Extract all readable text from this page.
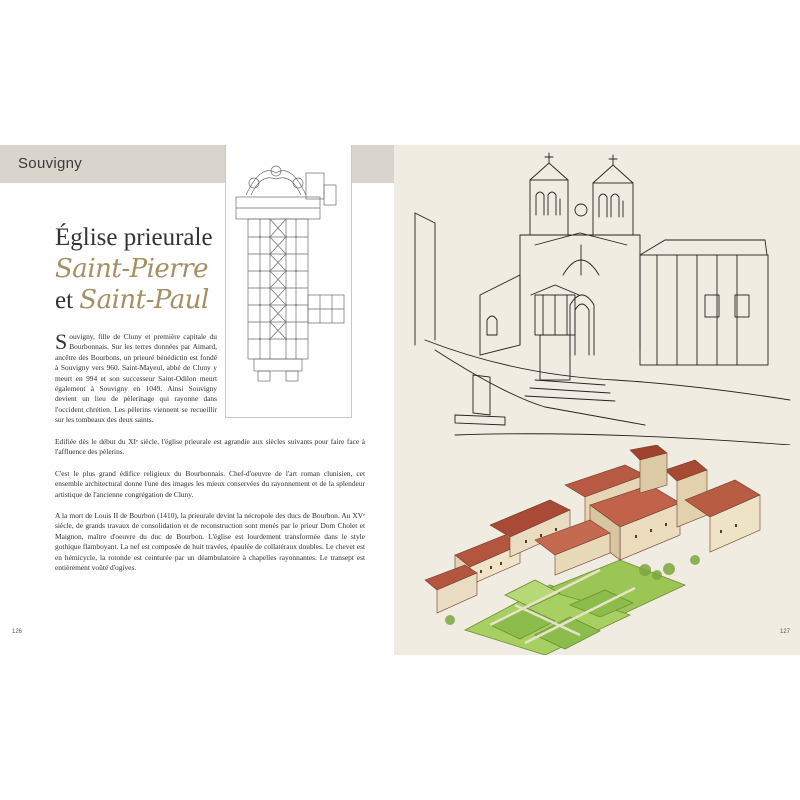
Souvigny
Église prieurale
Saint-Pierre
et Saint-Paul
Souvigny, fille de Cluny et première capitale du Bourbonnais. Sur les terres données par Aimard, ancêtre des Bourbons, un prieuré bénédictin est fondé à Souvigny vers 960. Saint-Mayeul, abbé de Cluny y meurt en 994 et son successeur Saint-Odilon meurt également à Souvigny en 1049. Ainsi Souvigny devient un lieu de pèlerinage qui rayonne dans l'occident chrétien. Les pèlerins viennent se recueillir sur les tombeaux des deux saints.
Edifiée dès le début du XIᵉ siècle, l'église prieurale est agrandie aux siècles suivants pour faire face à l'affluence des pèlerins.
C'est le plus grand édifice religieux du Bourbonnais. Chef-d'oeuvre de l'art roman clunisien, cet ensemble architectural donne l'une des images les mieux conservées du rayonnement et de la splendeur artistique de l'ancienne congrégation de Cluny.
A la mort de Louis II de Bourbon (1410), la prieurale devint la nécropole des ducs de Bourbon. Au XVᵉ siècle, de grands travaux de consolidation et de reconstruction sont menés par le prieur Dom Cholet et Maignon, maître d'oeuvre du duc de Bourbon. L'église est lourdement transformée dans le style gothique flamboyant. La nef est composée de huit travées, épaulée de collatéraux doubles. Le chevet est en hémicycle, la rotonde est ceinturée par un déambulatoire à chapelles rayonnantes. Le transept est entièrement voûté d'ogives.
126	127
